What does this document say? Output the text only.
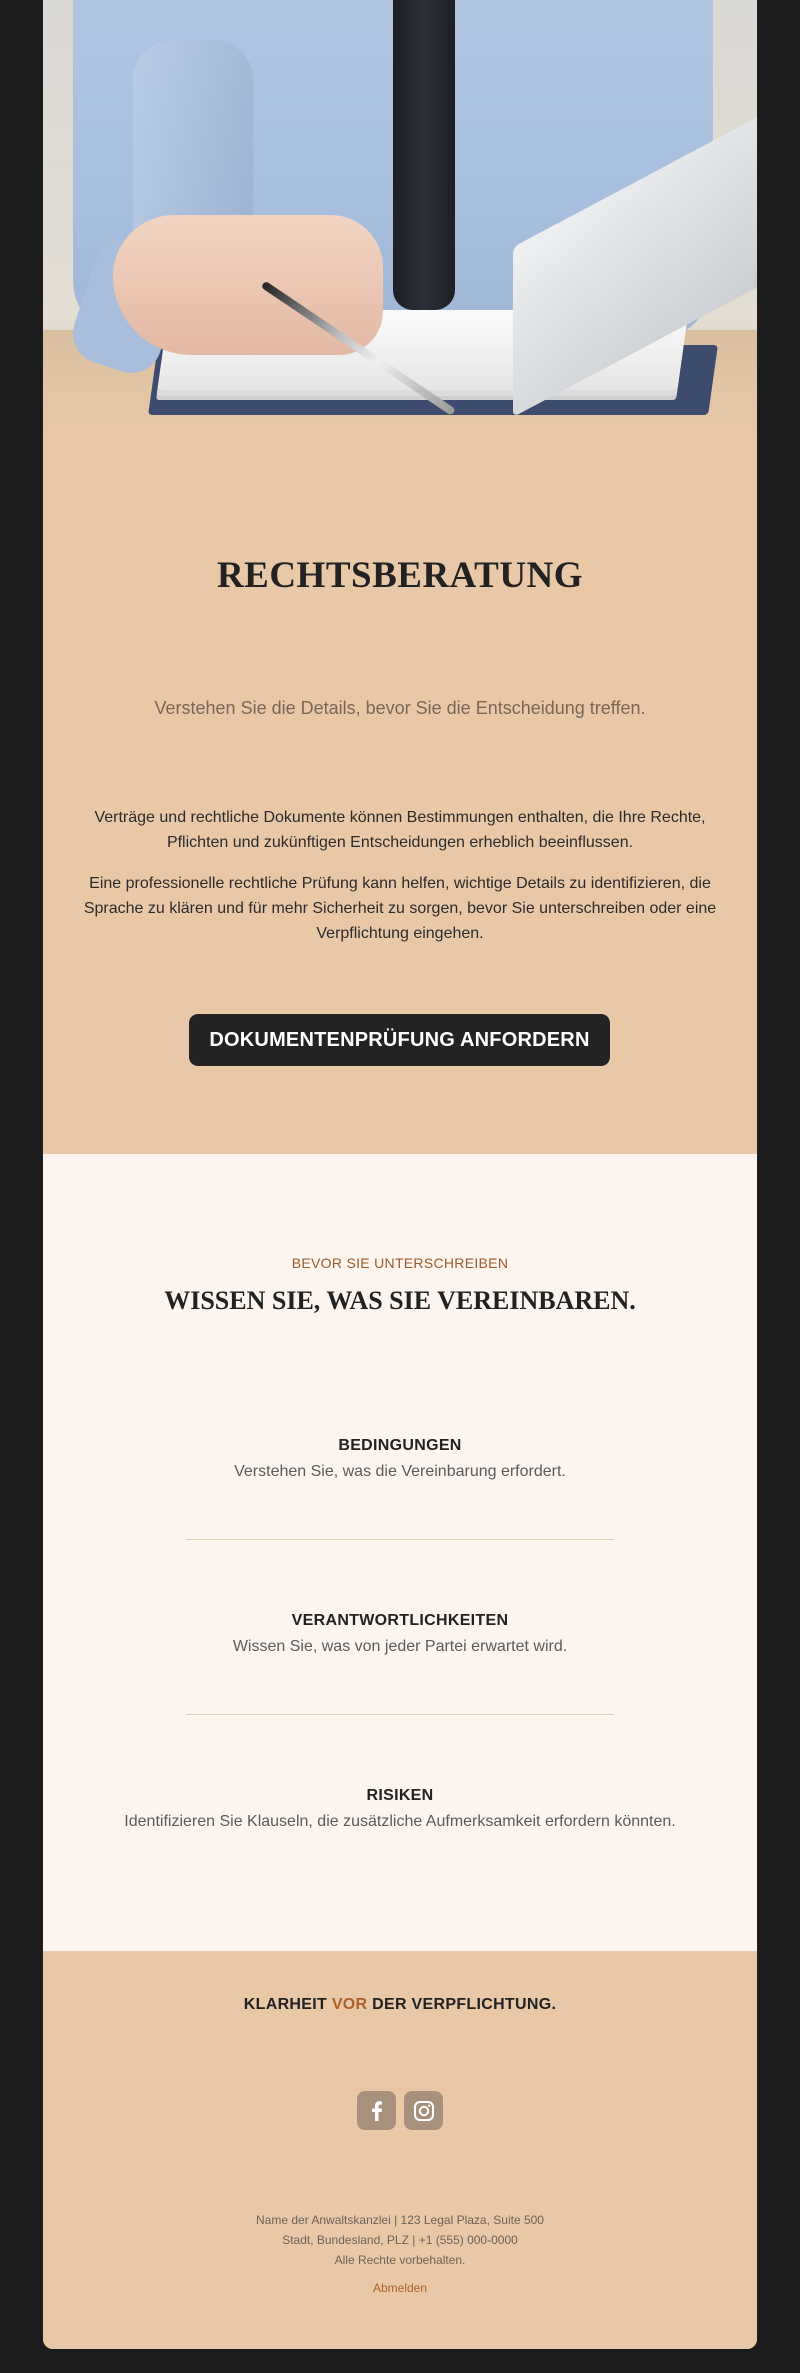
RECHTSBERATUNG

Verstehen Sie die Details, bevor Sie die Entscheidung treffen.

Verträge und rechtliche Dokumente können Bestimmungen enthalten, die Ihre Rechte, Pflichten und zukünftigen Entscheidungen erheblich beeinflussen.

Eine professionelle rechtliche Prüfung kann helfen, wichtige Details zu identifizieren, die Sprache zu klären und für mehr Sicherheit zu sorgen, bevor Sie unterschreiben oder eine Verpflichtung eingehen.

DOKUMENTENPRÜFUNG ANFORDERN
BEVOR SIE UNTERSCHREIBEN
WISSEN SIE, WAS SIE VEREINBAREN.
BEDINGUNGEN
Verstehen Sie, was die Vereinbarung erfordert.
VERANTWORTLICHKEITEN
Wissen Sie, was von jeder Partei erwartet wird.
RISIKEN
Identifizieren Sie Klauseln, die zusätzliche Aufmerksamkeit erfordern könnten.
KLARHEIT VOR DER VERPFLICHTUNG.
Name der Anwaltskanzlei | 123 Legal Plaza, Suite 500
Stadt, Bundesland, PLZ | +1 (555) 000-0000
Alle Rechte vorbehalten.
Abmelden
